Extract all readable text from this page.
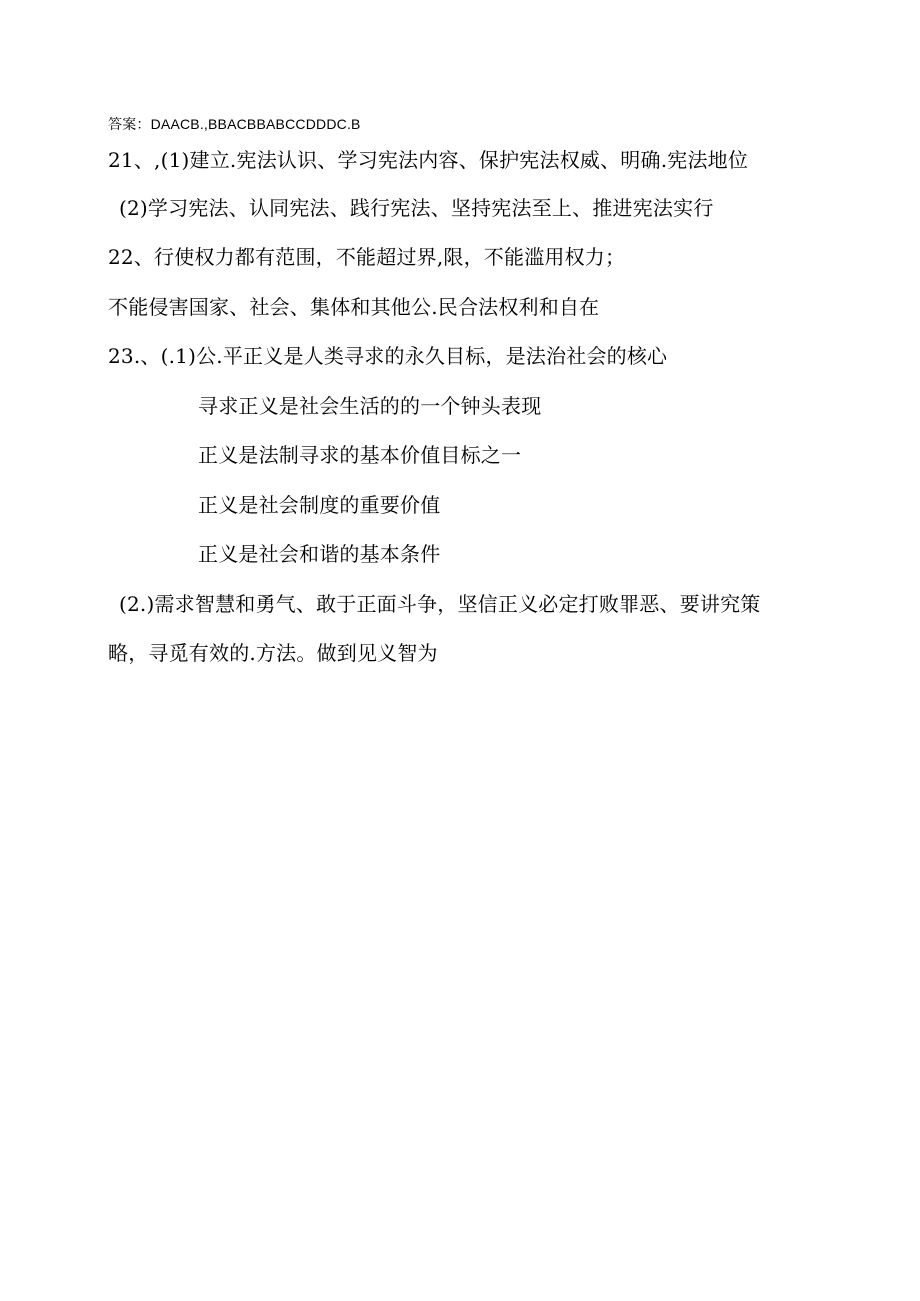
答案：DAACB.,BBACBBABCCDDDC.B
21、,(1)建立.宪法认识、学习宪法内容、保护宪法权威、明确.宪法地位
(2)学习宪法、认同宪法、践行宪法、坚持宪法至上、推进宪法实行
22、行使权力都有范围，不能超过界,限，不能滥用权力；
不能侵害国家、社会、集体和其他公.民合法权利和自在
23.、(.1)公.平正义是人类寻求的永久目标，是法治社会的核心
寻求正义是社会生活的的一个钟头表现
正义是法制寻求的基本价值目标之一
正义是社会制度的重要价值
正义是社会和谐的基本条件
(2.)需求智慧和勇气、敢于正面斗争，坚信正义必定打败罪恶、要讲究策
略，寻觅有效的.方法。做到见义智为
